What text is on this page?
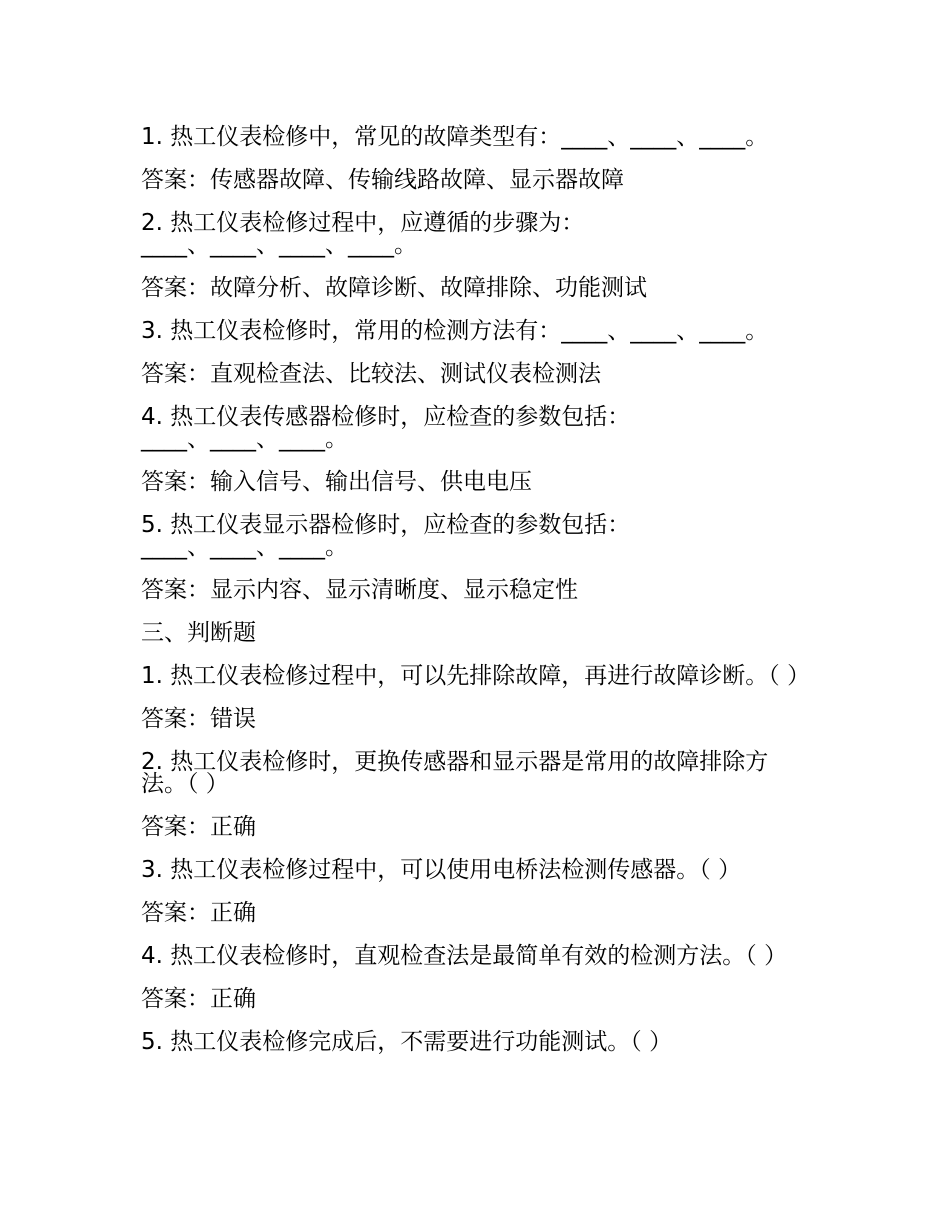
1. 热工仪表检修中，常见的故障类型有：____、____、____。
答案：传感器故障、传输线路故障、显示器故障
2. 热工仪表检修过程中，应遵循的步骤为：
____、____、____、____。
答案：故障分析、故障诊断、故障排除、功能测试
3. 热工仪表检修时，常用的检测方法有：____、____、____。
答案：直观检查法、比较法、测试仪表检测法
4. 热工仪表传感器检修时，应检查的参数包括：
____、____、____。
答案：输入信号、输出信号、供电电压
5. 热工仪表显示器检修时，应检查的参数包括：
____、____、____。
答案：显示内容、显示清晰度、显示稳定性
三、判断题
1. 热工仪表检修过程中，可以先排除故障，再进行故障诊断。（ ）
答案：错误
2. 热工仪表检修时，更换传感器和显示器是常用的故障排除方法。（ ）
答案：正确
3. 热工仪表检修过程中，可以使用电桥法检测传感器。（ ）
答案：正确
4. 热工仪表检修时，直观检查法是最简单有效的检测方法。（ ）
答案：正确
5. 热工仪表检修完成后，不需要进行功能测试。（ ）
